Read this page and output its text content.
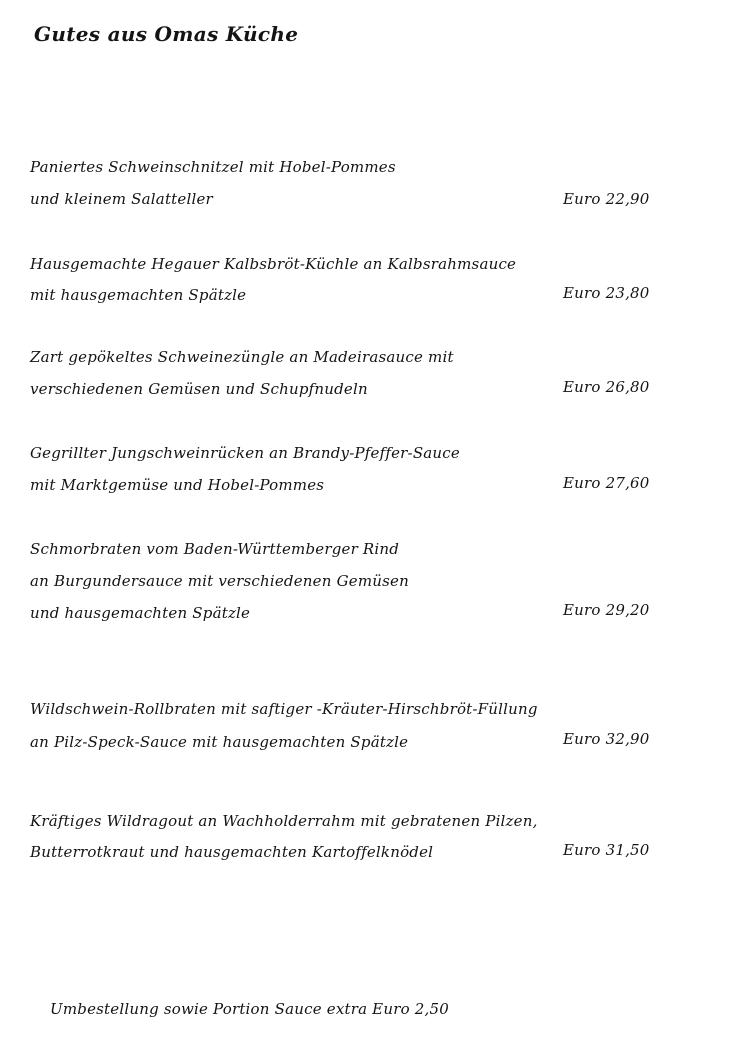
Gutes aus Omas Küche
Paniertes Schweinschnitzel mit Hobel-Pommes
und kleinem Salatteller	Euro 22,90
Hausgemachte Hegauer Kalbsbröt-Küchle an Kalbsrahmsauce
mit hausgemachten Spätzle	Euro 23,80
Zart gepökeltes Schweinezüngle an Madeirasauce mit
verschiedenen Gemüsen und Schupfnudeln	Euro 26,80
Gegrillter Jungschweinrücken an Brandy-Pfeffer-Sauce
mit Marktgemüse und Hobel-Pommes	Euro 27,60
Schmorbraten vom Baden-Württemberger Rind
an Burgundersauce mit verschiedenen Gemüsen
und hausgemachten Spätzle	Euro 29,20
Wildschwein-Rollbraten mit saftiger -Kräuter-Hirschbröt-Füllung
an Pilz-Speck-Sauce mit hausgemachten Spätzle	Euro 32,90
Kräftiges Wildragout an Wachholderrahm mit gebratenen Pilzen,
Butterrotkraut und hausgemachten Kartoffelknödel	Euro 31,50
Umbestellung sowie Portion Sauce extra Euro 2,50
